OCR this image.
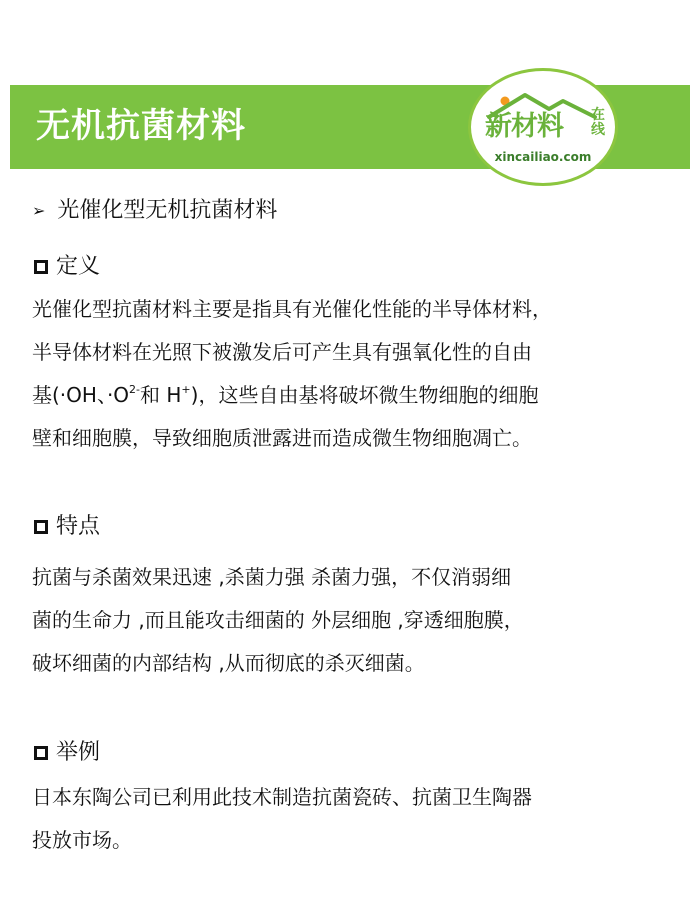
无机抗菌材料	新材料 在线
xincailiao.com
➢ 光催化型无机抗菌材料
定义
光催化型抗菌材料主要是指具有光催化性能的半导体材料，
半导体材料在光照下被激发后可产生具有强氧化性的自由
基(·OH、$\cdot O^{2-}$和 H+)，这些自由基将破坏微生物细胞的细胞
壁和细胞膜，导致细胞质泄露进而造成微生物细胞凋亡。
特点
抗菌与杀菌效果迅速 ,杀菌力强 杀菌力强，不仅消弱细
菌的生命力 ,而且能攻击细菌的 外层细胞 ,穿透细胞膜，
破坏细菌的内部结构 ,从而彻底的杀灭细菌。
举例
日本东陶公司已利用此技术制造抗菌瓷砖、抗菌卫生陶器
投放市场。
